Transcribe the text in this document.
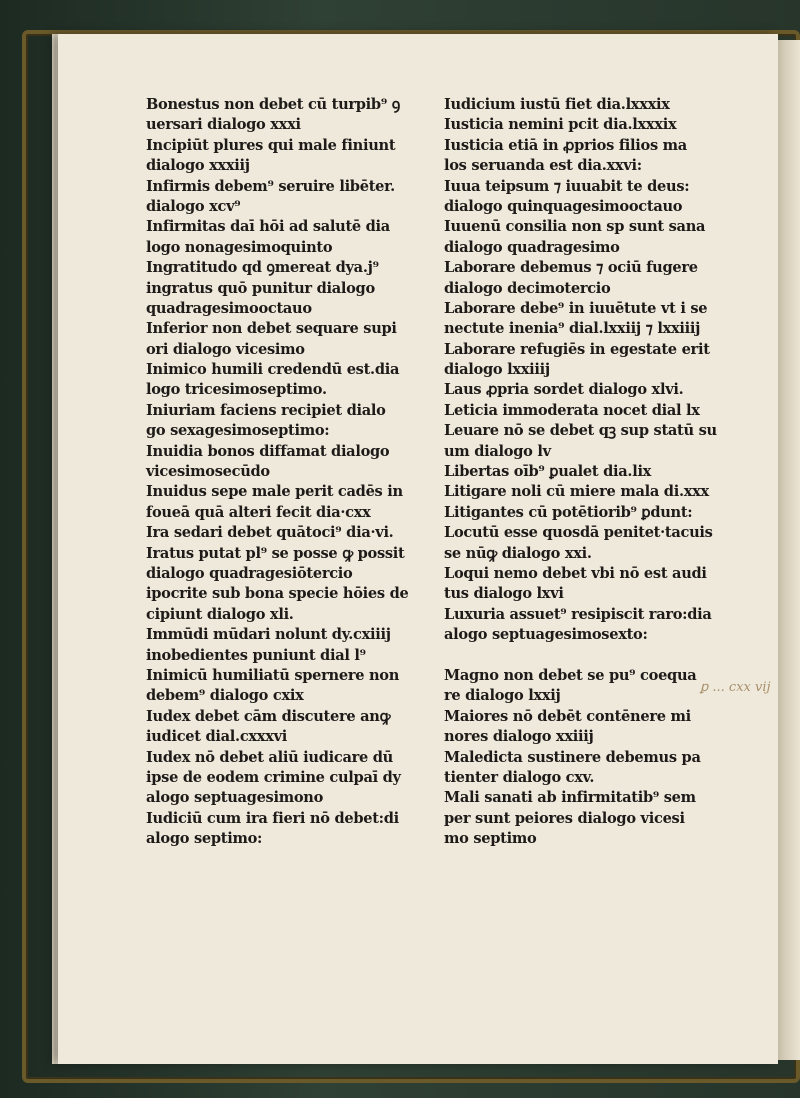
Bonestus non debet cū turpib⁹ ꝯ
uersari dialogo xxxi
Incipiūt plures qui male finiunt
dialogo xxxiij
Infirmis debem⁹ seruire libēter.
dialogo xcv⁹
Infirmitas daī hōi ad salutē dia
logo nonagesimoquinto
Ingratitudo qd ꝯmereat dya.j⁹
ingratus quō punitur dialogo
quadragesimooctauo
Inferior non debet sequare supi
ori dialogo vicesimo
Inimico humili credendū est.dia
logo tricesimoseptimo.
Iniuriam faciens recipiet dialo
go sexagesimoseptimo:
Inuidia bonos diffamat dialogo
vicesimosecūdo
Inuidus sepe male perit cadēs in
foueā quā alteri fecit dia·cxx
Ira sedari debet quātoci⁹ dia·vi.
Iratus putat pl⁹ se posse ꝙ possit
dialogo quadragesiōtercio
ipocrite sub bona specie hōies de
cipiunt dialogo xli.
Immūdi mūdari nolunt dy.cxiiij
inobedientes puniunt dial l⁹
Inimicū humiliatū spernere non
debem⁹ dialogo cxix
Iudex debet cām discutere anꝙ
iudicet dial.cxxxvi
Iudex nō debet aliū iudicare dū
ipse de eodem crimine culpaī dy
alogo septuagesimono
Iudiciū cum ira fieri nō debet:di
alogo septimo:
Iudicium iustū fiet dia.lxxxix
Iusticia nemini pcit dia.lxxxix
Iusticia etiā in ꝓprios filios ma
los seruanda est dia.xxvi:
Iuua teipsum ⁊ iuuabit te deus:
dialogo quinquagesimooctauo
Iuuenū consilia non sp sunt sana
dialogo quadragesimo
Laborare debemus ⁊ ociū fugere
dialogo decimotercio
Laborare debe⁹ in iuuētute vt i se
nectute inenia⁹ dial.lxxiij ⁊ lxxiiij
Laborare refugiēs in egestate erit
dialogo lxxiiij
Laus ꝓpria sordet dialogo xlvi.
Leticia immoderata nocet dial lx
Leuare nō se debet qꝫ sup statū su
um dialogo lv
Libertas oīb⁹ ꝑualet dia.lix
Litigare noli cū miere mala di.xxx
Litigantes cū potētiorib⁹ ꝑdunt:
Locutū esse quosdā penitet·tacuis
se nūꝙ dialogo xxi.
Loqui nemo debet vbi nō est audi
tus dialogo lxvi
Luxuria assuet⁹ resipiscit raro:dia
alogo septuagesimosexto:
Magno non debet se pu⁹ coequa
re dialogo lxxij
Maiores nō debēt contēnere mi
nores dialogo xxiiij
Maledicta sustinere debemus pa
tienter dialogo cxv.
Mali sanati ab infirmitatib⁹ sem
per sunt peiores dialogo vicesi
mo septimo
ꝑ ... cxx vij
